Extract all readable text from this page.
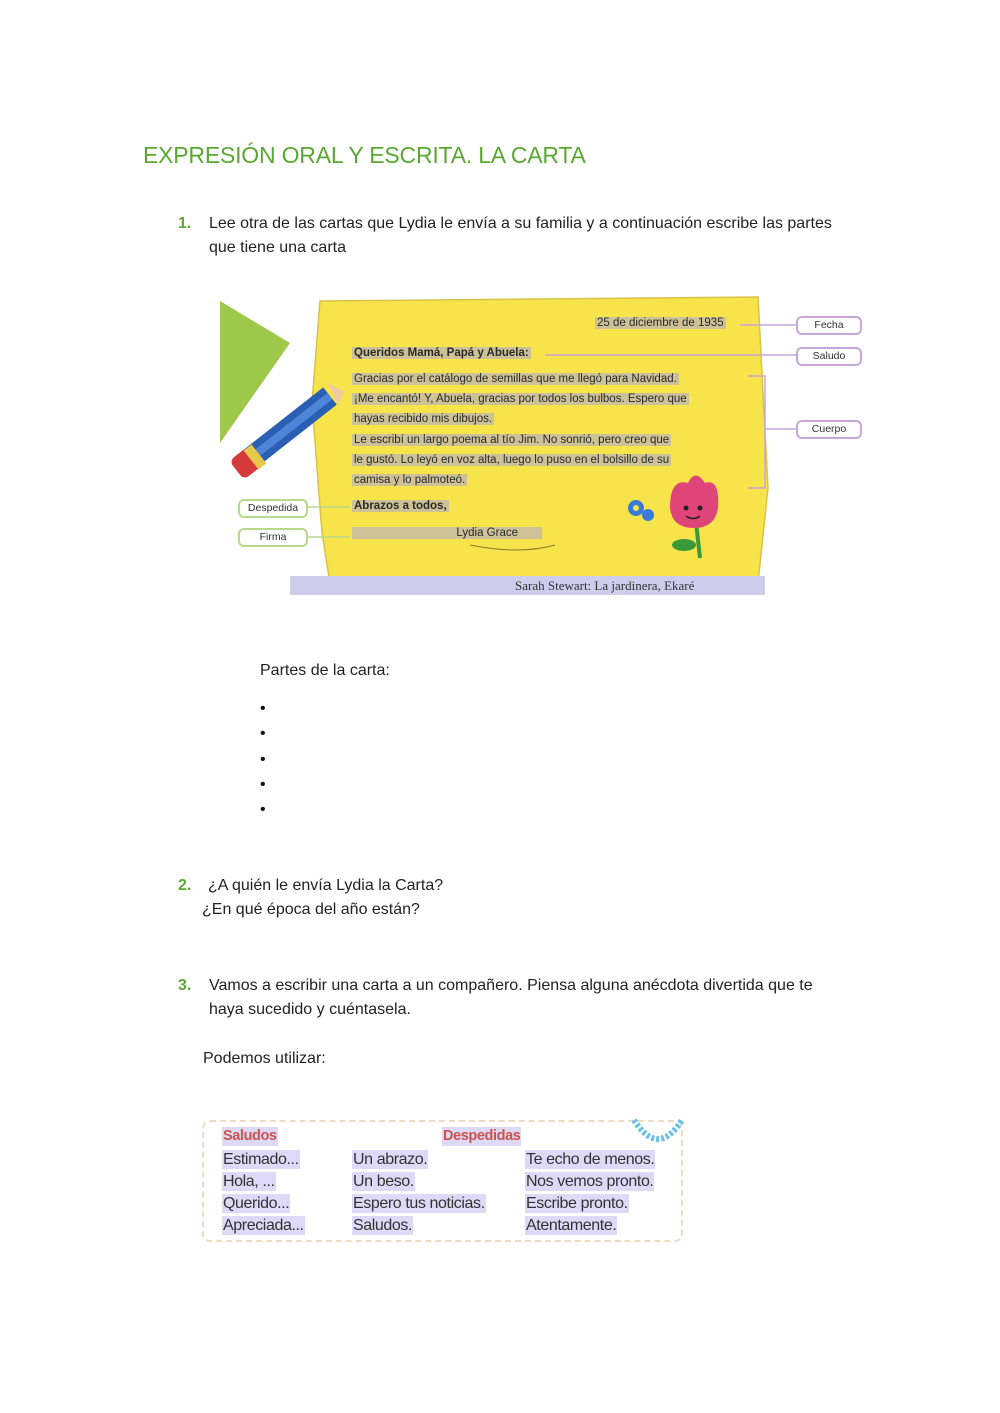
EXPRESIÓN ORAL Y ESCRITA. LA CARTA
1. Lee otra de las cartas que Lydia le envía a su familia y a continuación escribe las partes
que tiene una carta
25 de diciembre de 1935
Queridos Mamá, Papá y Abuela:
Gracias por el catálogo de semillas que me llegó para Navidad.
¡Me encantó! Y, Abuela, gracias por todos los bulbos. Espero que
hayas recibido mis dibujos.
Le escribí un largo poema al tío Jim. No sonrió, pero creo que
le gustó. Lo leyó en voz alta, luego lo puso en el bolsillo de su
camisa y lo palmoteó.
Abrazos a todos,
Lydia Grace
Fecha
Saludo
Cuerpo
Despedida
Firma
Sarah Stewart: La jardinera, Ekaré
Partes de la carta:
•
•
•
•
•
2. ¿A quién le envía Lydia la Carta?
¿En qué época del año están?
3. Vamos a escribir una carta a un compañero. Piensa alguna anécdota divertida que te
haya sucedido y cuéntasela.
Podemos utilizar:
Saludos	Despedidas
Estimado...
Hola, ...
Querido...
Apreciada...
Un abrazo.
Un beso.
Espero tus noticias.
Saludos.
Te echo de menos.
Nos vemos pronto.
Escribe pronto.
Atentamente.
